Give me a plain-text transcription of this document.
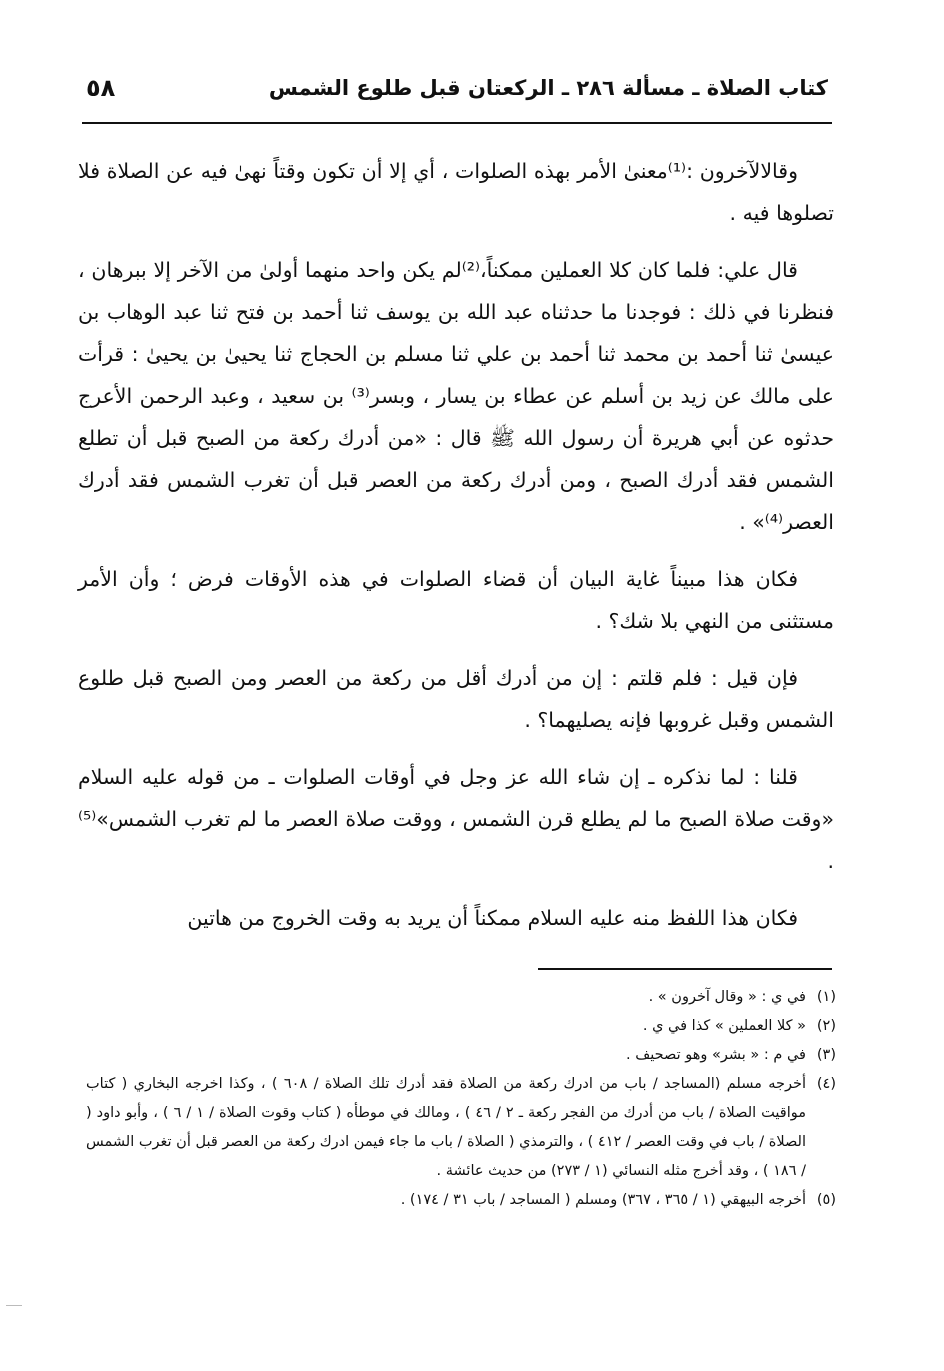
٥٨	كتاب الصلاة ـ مسألة ٢٨٦ ـ الركعتان قبل طلوع الشمس

وقالالآخرون :⁽¹⁾معنىٰ الأمر بهذه الصلوات ، أي إلا أن تكون وقتاً نهىٰ فيه عن الصلاة فلا تصلوها فيه .

قال علي: فلما كان كلا العملين ممكناً،⁽²⁾لم يكن واحد منهما أولىٰ من الآخر إلا ببرهان ، فنظرنا في ذلك : فوجدنا ما حدثناه عبد الله بن يوسف ثنا أحمد بن فتح ثنا عبد الوهاب بن عيسىٰ ثنا أحمد بن محمد ثنا أحمد بن علي ثنا مسلم بن الحجاج ثنا يحيىٰ بن يحيىٰ : قرأت على مالك عن زيد بن أسلم عن عطاء بن يسار ، وبسر⁽³⁾ بن سعيد ، وعبد الرحمن الأعرج حدثوه عن أبي هريرة أن رسول الله ﷺ قال : «من أدرك ركعة من الصبح قبل أن تطلع الشمس فقد أدرك الصبح ، ومن أدرك ركعة من العصر قبل أن تغرب الشمس فقد أدرك العصر⁽⁴⁾» .

فكان هذا مبيناً غاية البيان أن قضاء الصلوات في هذه الأوقات فرض ؛ وأن الأمر مستثنى من النهي بلا شك؟ .

فإن قيل : فلم قلتم : إن من أدرك أقل من ركعة من العصر ومن الصبح قبل طلوع الشمس وقبل غروبها فإنه يصليهما؟ .

قلنا : لما نذكره ـ إن شاء الله عز وجل في أوقات الصلوات ـ من قوله عليه السلام «وقت صلاة الصبح ما لم يطلع قرن الشمس ، ووقت صلاة العصر ما لم تغرب الشمس»⁽⁵⁾ .

فكان هذا اللفظ منه عليه السلام ممكناً أن يريد به وقت الخروج من هاتين

(١)
في ي : « وقال آخرون » .
(٢)
« كلا العملين » كذا في ي .
(٣)
في م : « بشر» وهو تصحيف .
(٤)
أخرجه مسلم (المساجد / باب من ادرك ركعة من الصلاة فقد أدرك تلك الصلاة / ٦٠٨ ) ، وكذا اخرجه البخاري ( كتاب مواقيت الصلاة / باب من أدرك من الفجر ركعة ـ ٢ / ٤٦ ) ، ومالك في موطأه ( كتاب وقوت الصلاة / ١ / ٦ ) ، وأبو داود ( الصلاة / باب في وقت العصر / ٤١٢ ) ، والترمذي ( الصلاة / باب ما جاء فيمن ادرك ركعة من العصر قبل أن تغرب الشمس / ١٨٦ ) ، وقد أخرج مثله النسائي (١ / ٢٧٣) من حديث عائشة .
(٥)
أخرجه البيهقي (١ / ٣٦٥ ، ٣٦٧) ومسلم ( المساجد / باب ٣١ / ١٧٤) .
